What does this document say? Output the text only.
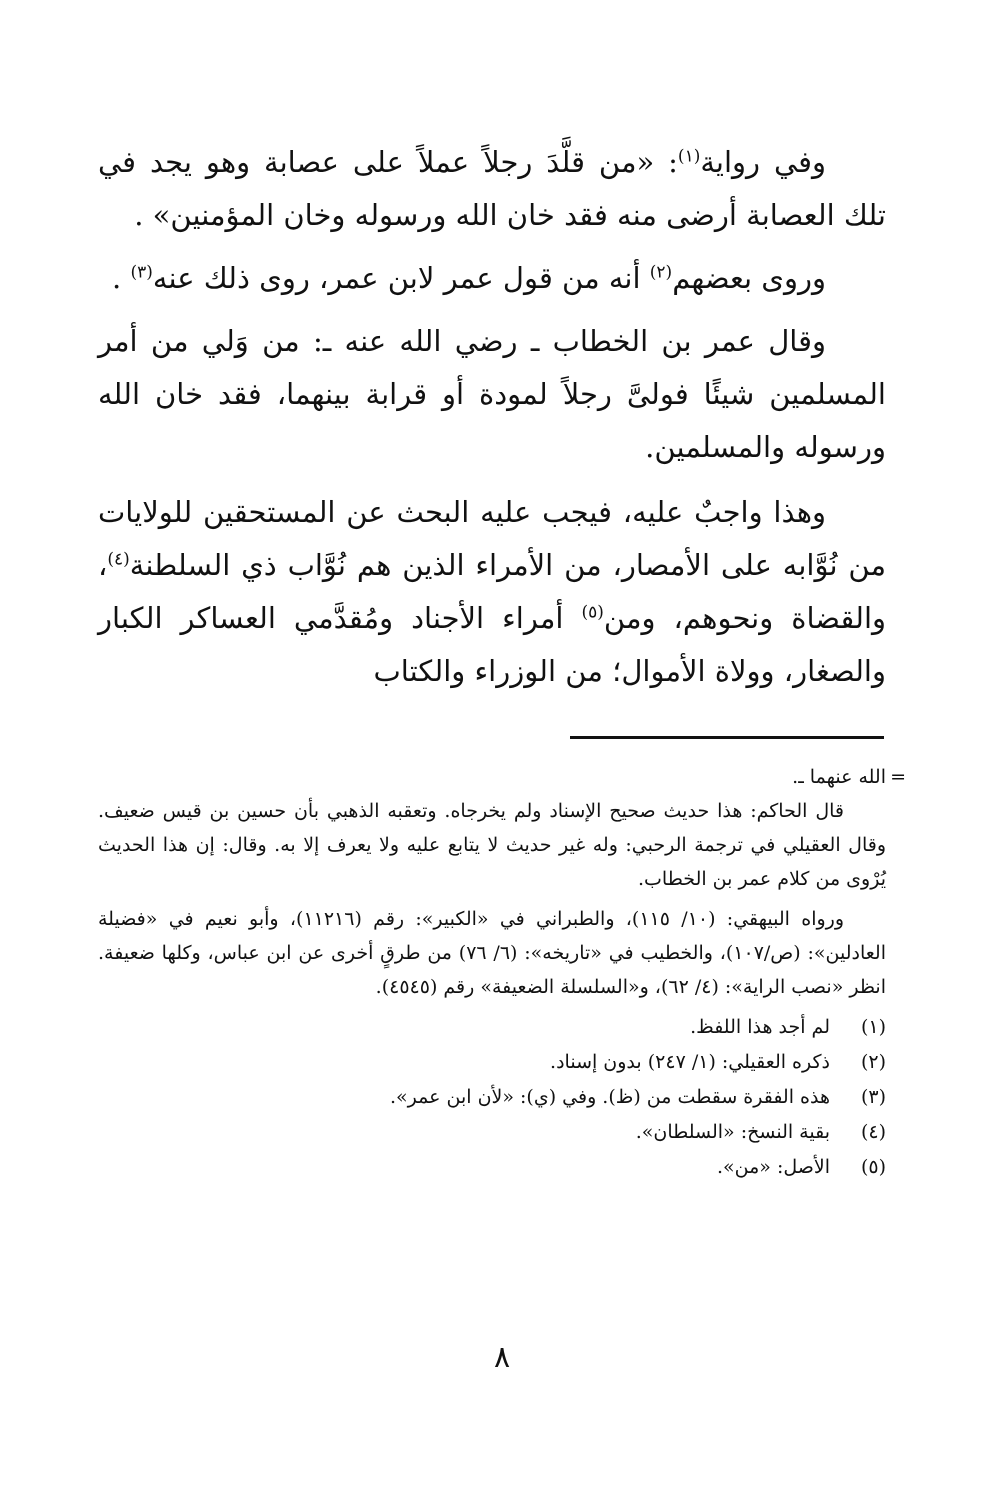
وفي رواية$^{(١)}$: «من قلَّدَ رجلاً عملاً على عصابة وهو يجد في تلك العصابة أرضى منه فقد خان الله ورسوله وخان المؤمنين» .

وروى بعضهم$^{(٢)}$ أنه من قول عمر لابن عمر، روى ذلك عنه$^{(٣)}$ .

وقال عمر بن الخطاب ـ رضي الله عنه ـ: من وَلي من أمر المسلمين شيئًا فولىَّ رجلاً لمودة أو قرابة بينهما، فقد خان الله ورسوله والمسلمين.

وهذا واجبٌ عليه، فيجب عليه البحث عن المستحقين للولايات من نُوَّابه على الأمصار، من الأمراء الذين هم نُوَّاب ذي السلطنة$^{(٤)}$، والقضاة ونحوهم، ومن$^{(٥)}$ أمراء الأجناد ومُقدَّمي العساكر الكبار والصغار، وولاة الأموال؛ من الوزراء والكتاب

=

الله عنهما ـ.

قال الحاكم: هذا حديث صحيح الإسناد ولم يخرجاه. وتعقبه الذهبي بأن حسين بن قيس ضعيف. وقال العقيلي في ترجمة الرحبي: وله غير حديث لا يتابع عليه ولا يعرف إلا به. وقال: إن هذا الحديث يُرْوى من كلام عمر بن الخطاب.

ورواه البيهقي: (١٠/ ١١٥)، والطبراني في «الكبير»: رقم (١١٢١٦)، وأبو نعيم في «فضيلة العادلين»: (ص/١٠٧)، والخطيب في «تاريخه»: (٦/ ٧٦) من طرقٍ أخرى عن ابن عباس، وكلها ضعيفة. انظر «نصب الراية»: (٤/ ٦٢)، و«السلسلة الضعيفة» رقم (٤٥٤٥).

(١)
لم أجد هذا اللفظ.
(٢)
ذكره العقيلي: (١/ ٢٤٧) بدون إسناد.
(٣)
هذه الفقرة سقطت من (ظ). وفي (ي): «لأن ابن عمر».
(٤)
بقية النسخ: «السلطان».
(٥)
الأصل: «من».
٨
